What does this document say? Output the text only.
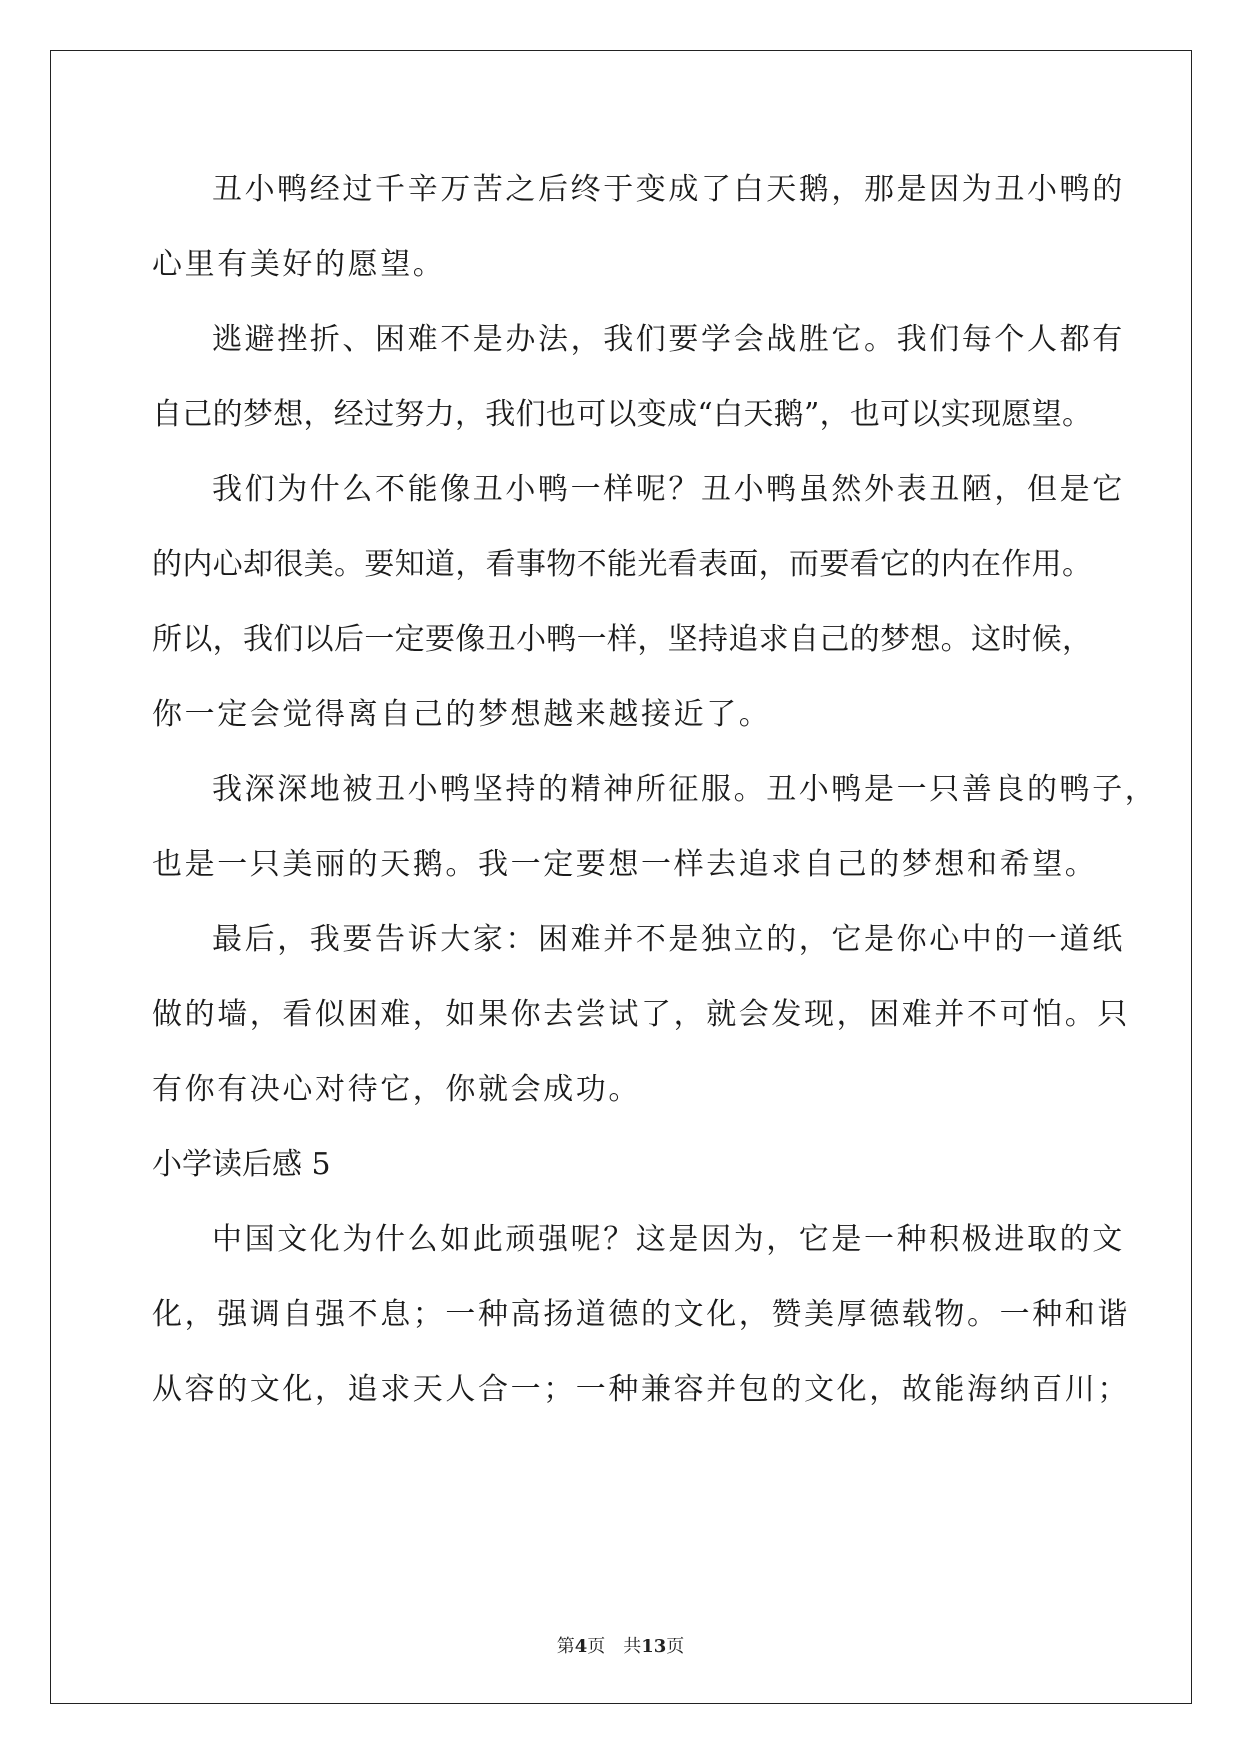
丑小鸭经过千辛万苦之后终于变成了白天鹅，那是因为丑小鸭的
心里有美好的愿望。
逃避挫折、困难不是办法，我们要学会战胜它。我们每个人都有
自己的梦想，经过努力，我们也可以变成“白天鹅”，也可以实现愿望。
我们为什么不能像丑小鸭一样呢？丑小鸭虽然外表丑陋，但是它
的内心却很美。要知道，看事物不能光看表面，而要看它的内在作用。
所以，我们以后一定要像丑小鸭一样，坚持追求自己的梦想。这时候，
你一定会觉得离自己的梦想越来越接近了。
我深深地被丑小鸭坚持的精神所征服。丑小鸭是一只善良的鸭子，
也是一只美丽的天鹅。我一定要想一样去追求自己的梦想和希望。
最后，我要告诉大家：困难并不是独立的，它是你心中的一道纸
做的墙，看似困难，如果你去尝试了，就会发现，困难并不可怕。只
有你有决心对待它，你就会成功。
小学读后感 5
中国文化为什么如此顽强呢？这是因为，它是一种积极进取的文
化，强调自强不息；一种高扬道德的文化，赞美厚德载物。一种和谐
从容的文化，追求天人合一；一种兼容并包的文化，故能海纳百川；
第4页 共13页
